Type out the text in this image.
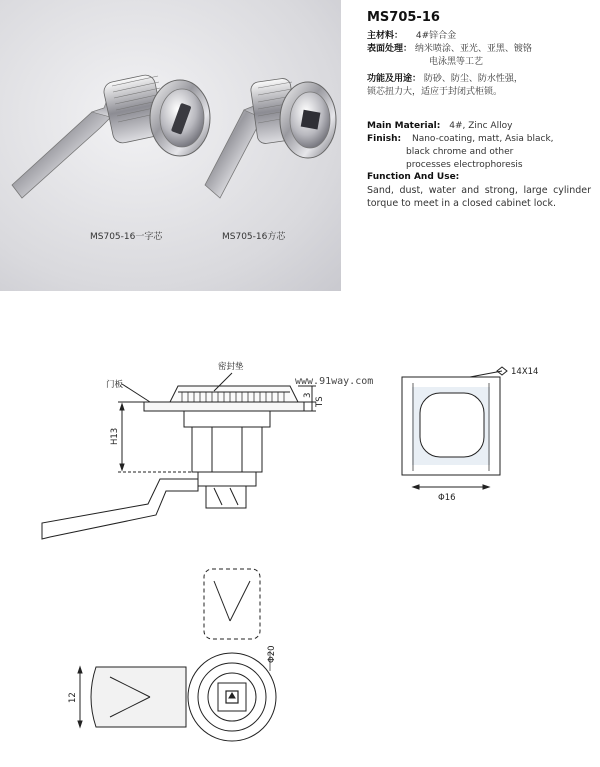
MS705-16一字芯	MS705-16方芯
MS705-16
主材料： 4#锌合金
表面处理： 纳米喷涂、亚光、亚黑、镀铬
电泳黑等工艺
功能及用途： 防砂、防尘、防水性强，
锁芯扭力大，适应于封闭式柜锁。
Main Material: 4#, Zinc Alloy
Finish: Nano-coating, matt, Asia black,
black chrome and other
processes electrophoresis
Function And Use:
Sand, dust, water and strong, large cylinder torque to meet in a closed cabinet lock.
密封垫
门板
H13
3
TS
www.91way.com
14X14
Φ16
Φ20
12
